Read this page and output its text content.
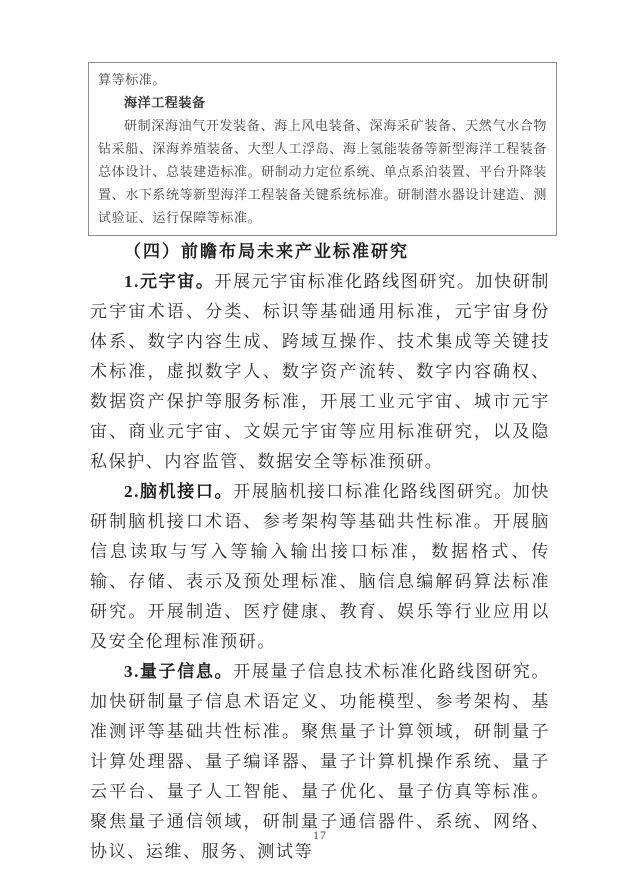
算等标准。

海洋工程装备

研制深海油气开发装备、海上风电装备、深海采矿装备、天然气水合物钻采船、深海养殖装备、大型人工浮岛、海上氢能装备等新型海洋工程装备总体设计、总装建造标准。研制动力定位系统、单点系泊装置、平台升降装置、水下系统等新型海洋工程装备关键系统标准。研制潜水器设计建造、测试验证、运行保障等标准。

（四）前瞻布局未来产业标准研究

1.元宇宙。开展元宇宙标准化路线图研究。加快研制元宇宙术语、分类、标识等基础通用标准，元宇宙身份体系、数字内容生成、跨域互操作、技术集成等关键技术标准，虚拟数字人、数字资产流转、数字内容确权、数据资产保护等服务标准，开展工业元宇宙、城市元宇宙、商业元宇宙、文娱元宇宙等应用标准研究，以及隐私保护、内容监管、数据安全等标准预研。

2.脑机接口。开展脑机接口标准化路线图研究。加快研制脑机接口术语、参考架构等基础共性标准。开展脑信息读取与写入等输入输出接口标准，数据格式、传输、存储、表示及预处理标准、脑信息编解码算法标准研究。开展制造、医疗健康、教育、娱乐等行业应用以及安全伦理标准预研。

3.量子信息。开展量子信息技术标准化路线图研究。加快研制量子信息术语定义、功能模型、参考架构、基准测评等基础共性标准。聚焦量子计算领域，研制量子计算处理器、量子编译器、量子计算机操作系统、量子云平台、量子人工智能、量子优化、量子仿真等标准。聚焦量子通信领域，研制量子通信器件、系统、网络、协议、运维、服务、测试等

17
